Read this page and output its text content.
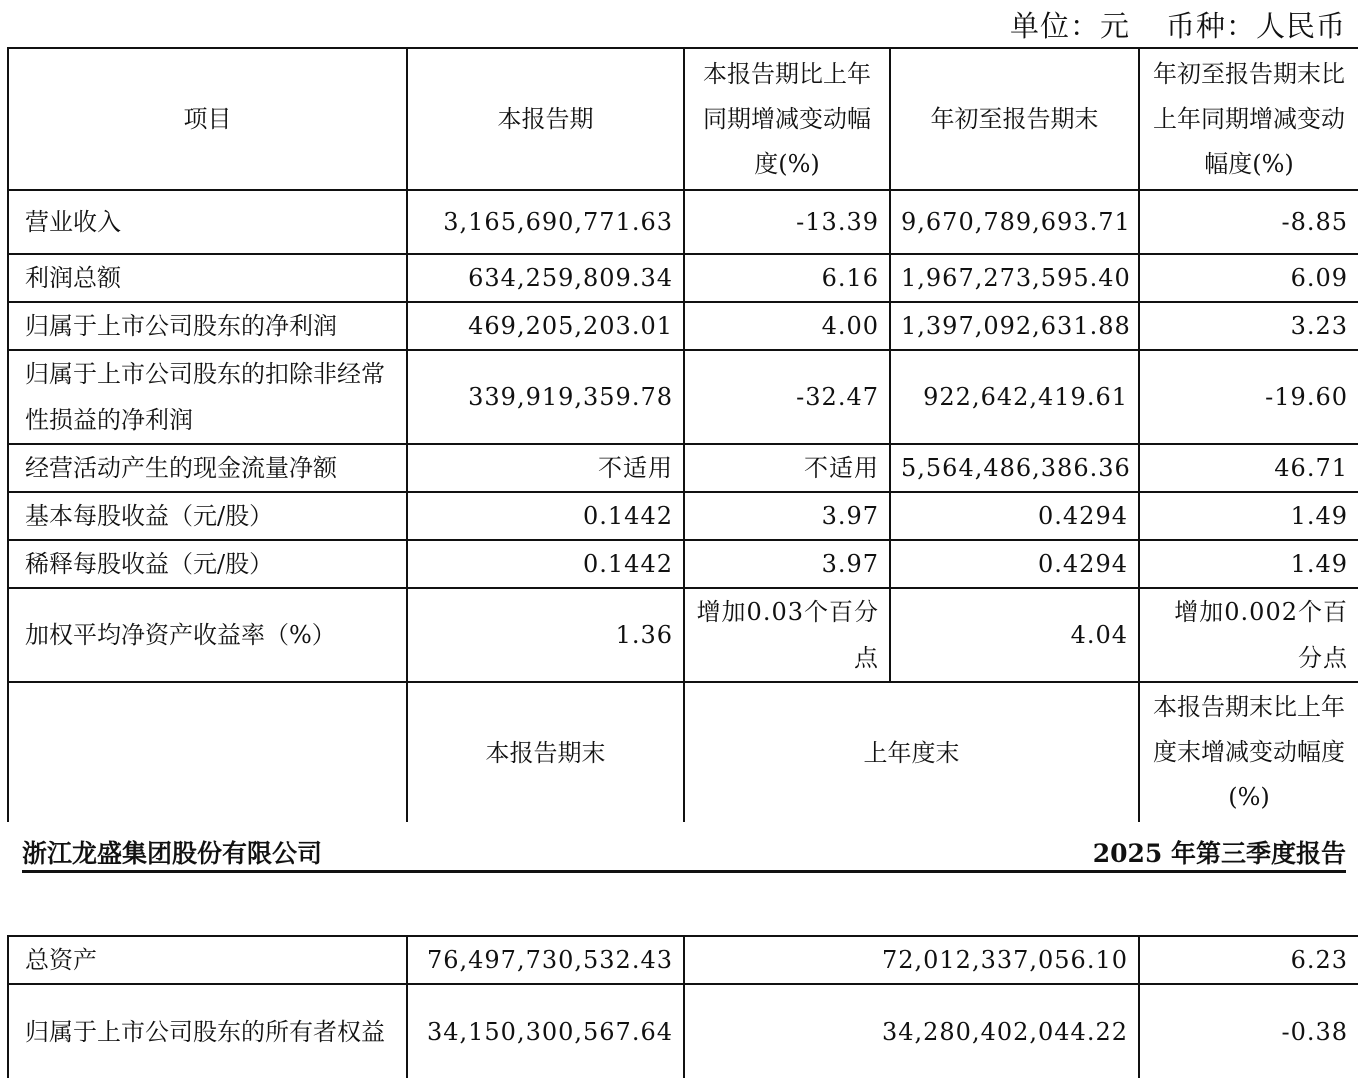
单位：元 币种：人民币
项目	本报告期	本报告期比上年同期增减变动幅度(%)	年初至报告期末	年初至报告期末比上年同期增减变动幅度(%)
营业收入	3,165,690,771.63	-13.39	9,670,789,693.71	-8.85
利润总额	634,259,809.34	6.16	1,967,273,595.40	6.09
归属于上市公司股东的净利润	469,205,203.01	4.00	1,397,092,631.88	3.23
归属于上市公司股东的扣除非经常性损益的净利润	339,919,359.78	-32.47	922,642,419.61	-19.60
经营活动产生的现金流量净额	不适用	不适用	5,564,486,386.36	46.71
基本每股收益（元/股）	0.1442	3.97	0.4294	1.49
稀释每股收益（元/股）	0.1442	3.97	0.4294	1.49
加权平均净资产收益率（%）	1.36	增加0.03个百分点	4.04	增加0.002个百分点
	本报告期末	上年度末		本报告期末比上年度末增减变动幅度(%)
浙江龙盛集团股份有限公司	2025 年第三季度报告
总资产	76,497,730,532.43	72,012,337,056.10	6.23
归属于上市公司股东的所有者权益	34,150,300,567.64	34,280,402,044.22	-0.38
